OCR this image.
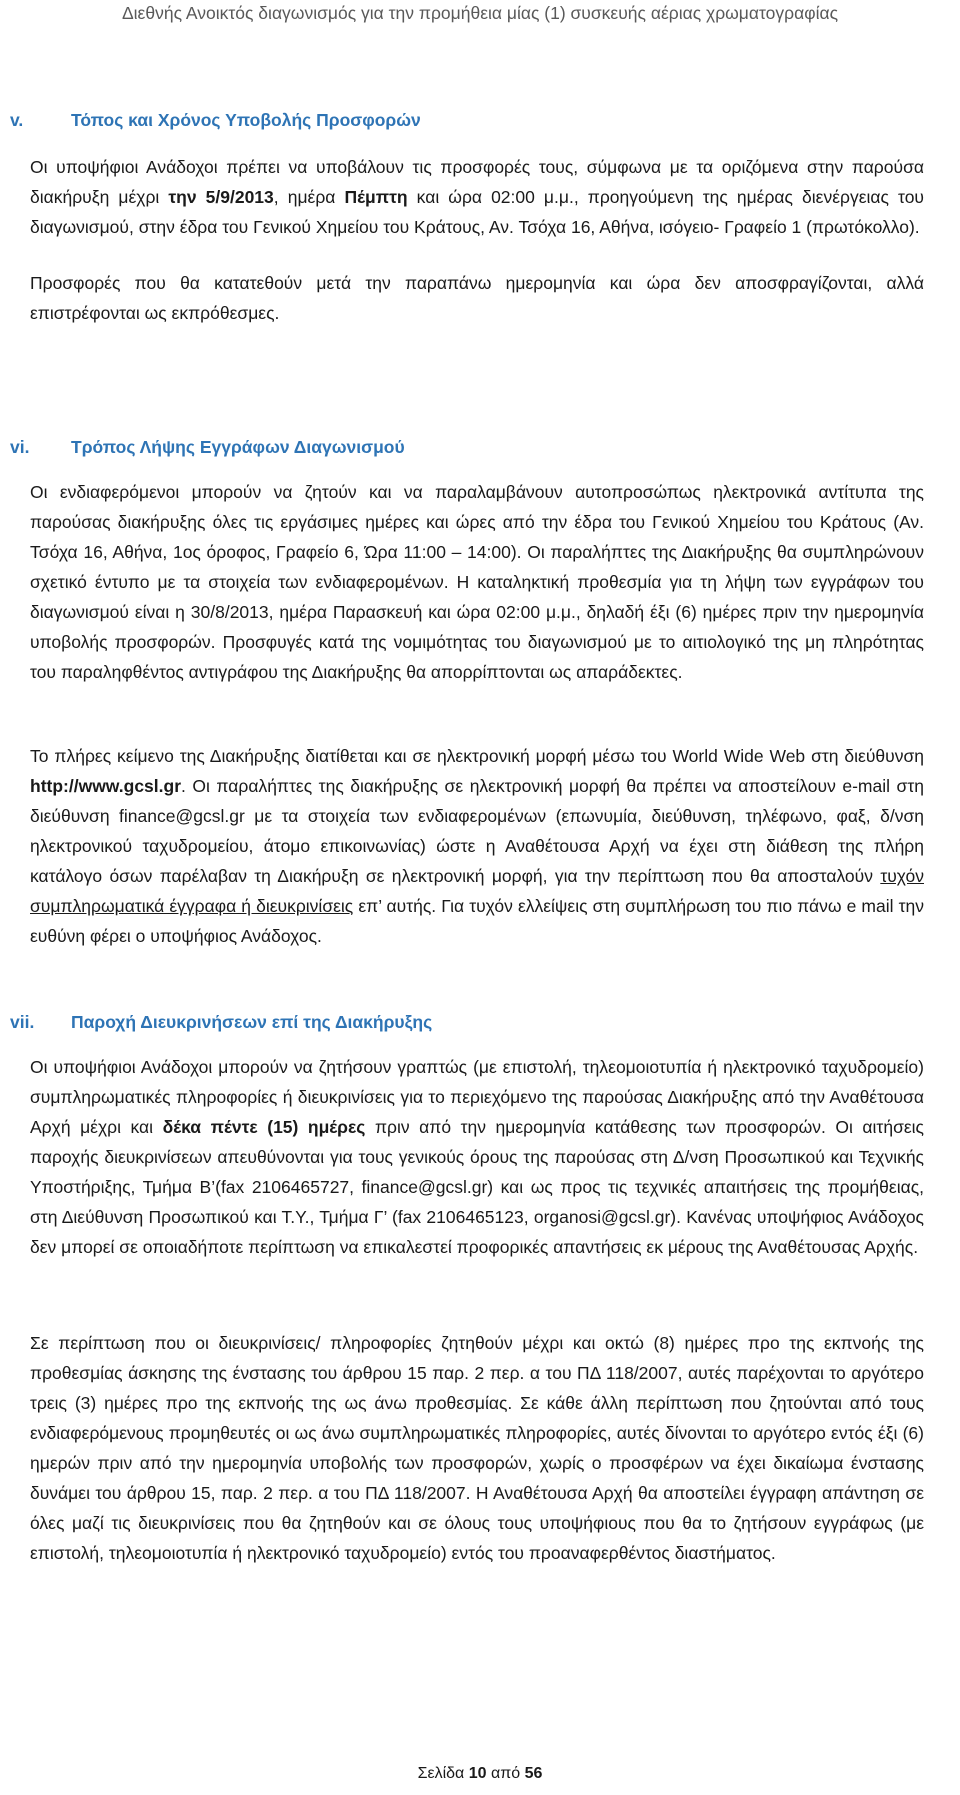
Διεθνής Ανοικτός διαγωνισμός για την προμήθεια μίας (1) συσκευής αέριας χρωματογραφίας
v.	Τόπος και Χρόνος Υποβολής Προσφορών
Οι υποψήφιοι Ανάδοχοι πρέπει να υποβάλουν τις προσφορές τους, σύμφωνα με τα οριζόμενα στην παρούσα διακήρυξη μέχρι την 5/9/2013, ημέρα Πέμπτη και ώρα 02:00 μ.μ., προηγούμενη της ημέρας διενέργειας του διαγωνισμού, στην έδρα του Γενικού Χημείου του Κράτους, Αν. Τσόχα 16, Αθήνα, ισόγειο- Γραφείο 1 (πρωτόκολλο).
Προσφορές που θα κατατεθούν μετά την παραπάνω ημερομηνία και ώρα δεν αποσφραγίζονται, αλλά επιστρέφονται ως εκπρόθεσμες.
vi. Τρόπος Λήψης Εγγράφων Διαγωνισμού
Οι ενδιαφερόμενοι μπορούν να ζητούν και να παραλαμβάνουν αυτοπροσώπως ηλεκτρονικά αντίτυπα της παρούσας διακήρυξης όλες τις εργάσιμες ημέρες και ώρες από την έδρα του Γενικού Χημείου του Κράτους (Αν. Τσόχα 16, Αθήνα, 1ος όροφος, Γραφείο 6, Ώρα 11:00 – 14:00). Οι παραλήπτες της Διακήρυξης θα συμπληρώνουν σχετικό έντυπο με τα στοιχεία των ενδιαφερομένων. Η καταληκτική προθεσμία για τη λήψη των εγγράφων του διαγωνισμού είναι η 30/8/2013, ημέρα Παρασκευή και ώρα 02:00 μ.μ., δηλαδή έξι (6) ημέρες πριν την ημερομηνία υποβολής προσφορών. Προσφυγές κατά της νομιμότητας του διαγωνισμού με το αιτιολογικό της μη πληρότητας του παραληφθέντος αντιγράφου της Διακήρυξης θα απορρίπτονται ως απαράδεκτες.
Το πλήρες κείμενο της Διακήρυξης διατίθεται και σε ηλεκτρονική μορφή μέσω του World Wide Web στη διεύθυνση http://www.gcsl.gr. Οι παραλήπτες της διακήρυξης σε ηλεκτρονική μορφή θα πρέπει να αποστείλουν e-mail στη διεύθυνση finance@gcsl.gr με τα στοιχεία των ενδιαφερομένων (επωνυμία, διεύθυνση, τηλέφωνο, φαξ, δ/νση ηλεκτρονικού ταχυδρομείου, άτομο επικοινωνίας) ώστε η Αναθέτουσα Αρχή να έχει στη διάθεση της πλήρη κατάλογο όσων παρέλαβαν τη Διακήρυξη σε ηλεκτρονική μορφή, για την περίπτωση που θα αποσταλούν τυχόν συμπληρωματικά έγγραφα ή διευκρινίσεις επ’ αυτής. Για τυχόν ελλείψεις στη συμπλήρωση του πιο πάνω e mail την ευθύνη φέρει ο υποψήφιος Ανάδοχος.
vii. Παροχή Διευκρινήσεων επί της Διακήρυξης
Οι υποψήφιοι Ανάδοχοι μπορούν να ζητήσουν γραπτώς (με επιστολή, τηλεομοιοτυπία ή ηλεκτρονικό ταχυδρομείο) συμπληρωματικές πληροφορίες ή διευκρινίσεις για το περιεχόμενο της παρούσας Διακήρυξης από την Αναθέτουσα Αρχή μέχρι και δέκα πέντε (15) ημέρες πριν από την ημερομηνία κατάθεσης των προσφορών. Οι αιτήσεις παροχής διευκρινίσεων απευθύνονται για τους γενικούς όρους της παρούσας στη Δ/νση Προσωπικού και Τεχνικής Υποστήριξης, Τμήμα Β’(fax 2106465727, finance@gcsl.gr) και ως προς τις τεχνικές απαιτήσεις της προμήθειας, στη Διεύθυνση Προσωπικού και Τ.Υ., Τμήμα Γ’ (fax 2106465123, organosi@gcsl.gr). Κανένας υποψήφιος Ανάδοχος δεν μπορεί σε οποιαδήποτε περίπτωση να επικαλεστεί προφορικές απαντήσεις εκ μέρους της Αναθέτουσας Αρχής.
Σε περίπτωση που οι διευκρινίσεις/ πληροφορίες ζητηθούν μέχρι και οκτώ (8) ημέρες προ της εκπνοής της προθεσμίας άσκησης της ένστασης του άρθρου 15 παρ. 2 περ. α του ΠΔ 118/2007, αυτές παρέχονται το αργότερο τρεις (3) ημέρες προ της εκπνοής της ως άνω προθεσμίας. Σε κάθε άλλη περίπτωση που ζητούνται από τους ενδιαφερόμενους προμηθευτές οι ως άνω συμπληρωματικές πληροφορίες, αυτές δίνονται το αργότερο εντός έξι (6) ημερών πριν από την ημερομηνία υποβολής των προσφορών, χωρίς ο προσφέρων να έχει δικαίωμα ένστασης δυνάμει του άρθρου 15, παρ. 2 περ. α του ΠΔ 118/2007. Η Αναθέτουσα Αρχή θα αποστείλει έγγραφη απάντηση σε όλες μαζί τις διευκρινίσεις που θα ζητηθούν και σε όλους τους υποψήφιους που θα το ζητήσουν εγγράφως (με επιστολή, τηλεομοιοτυπία ή ηλεκτρονικό ταχυδρομείο) εντός του προαναφερθέντος διαστήματος.
Σελίδα 10 από 56
